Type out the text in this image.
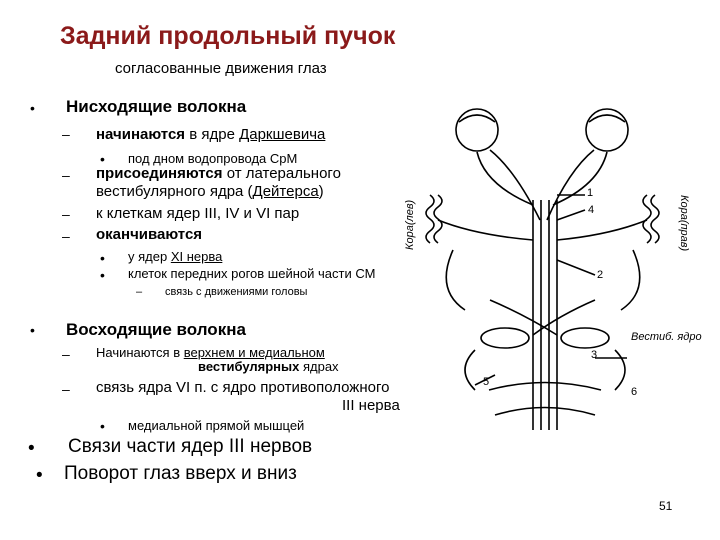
Задний продольный пучок
согласованные движения глаз
• Нисходящие волокна
– начинаются в ядре Даркшевича
• под дном водопровода СрМ
– присоединяются от латерального
вестибулярного ядра (Дейтерса)
– к клеткам ядер III, IV и VI пар
– оканчиваются
• у ядер XI нерва
• клеток передних рогов шейной части СМ
– связь с движениями головы
• Восходящие волокна
– Начинаются в верхнем и медиальном
вестибулярных ядрах
– связь ядра VI п. с ядро противоположного
III нерва
• медиальной прямой мышцей
• Связи части ядер III нервов
• Поворот глаз вверх и вниз
51
Кора(лев)	Кора(прав)
Вестиб. ядро
1
4
2
3
5
6
